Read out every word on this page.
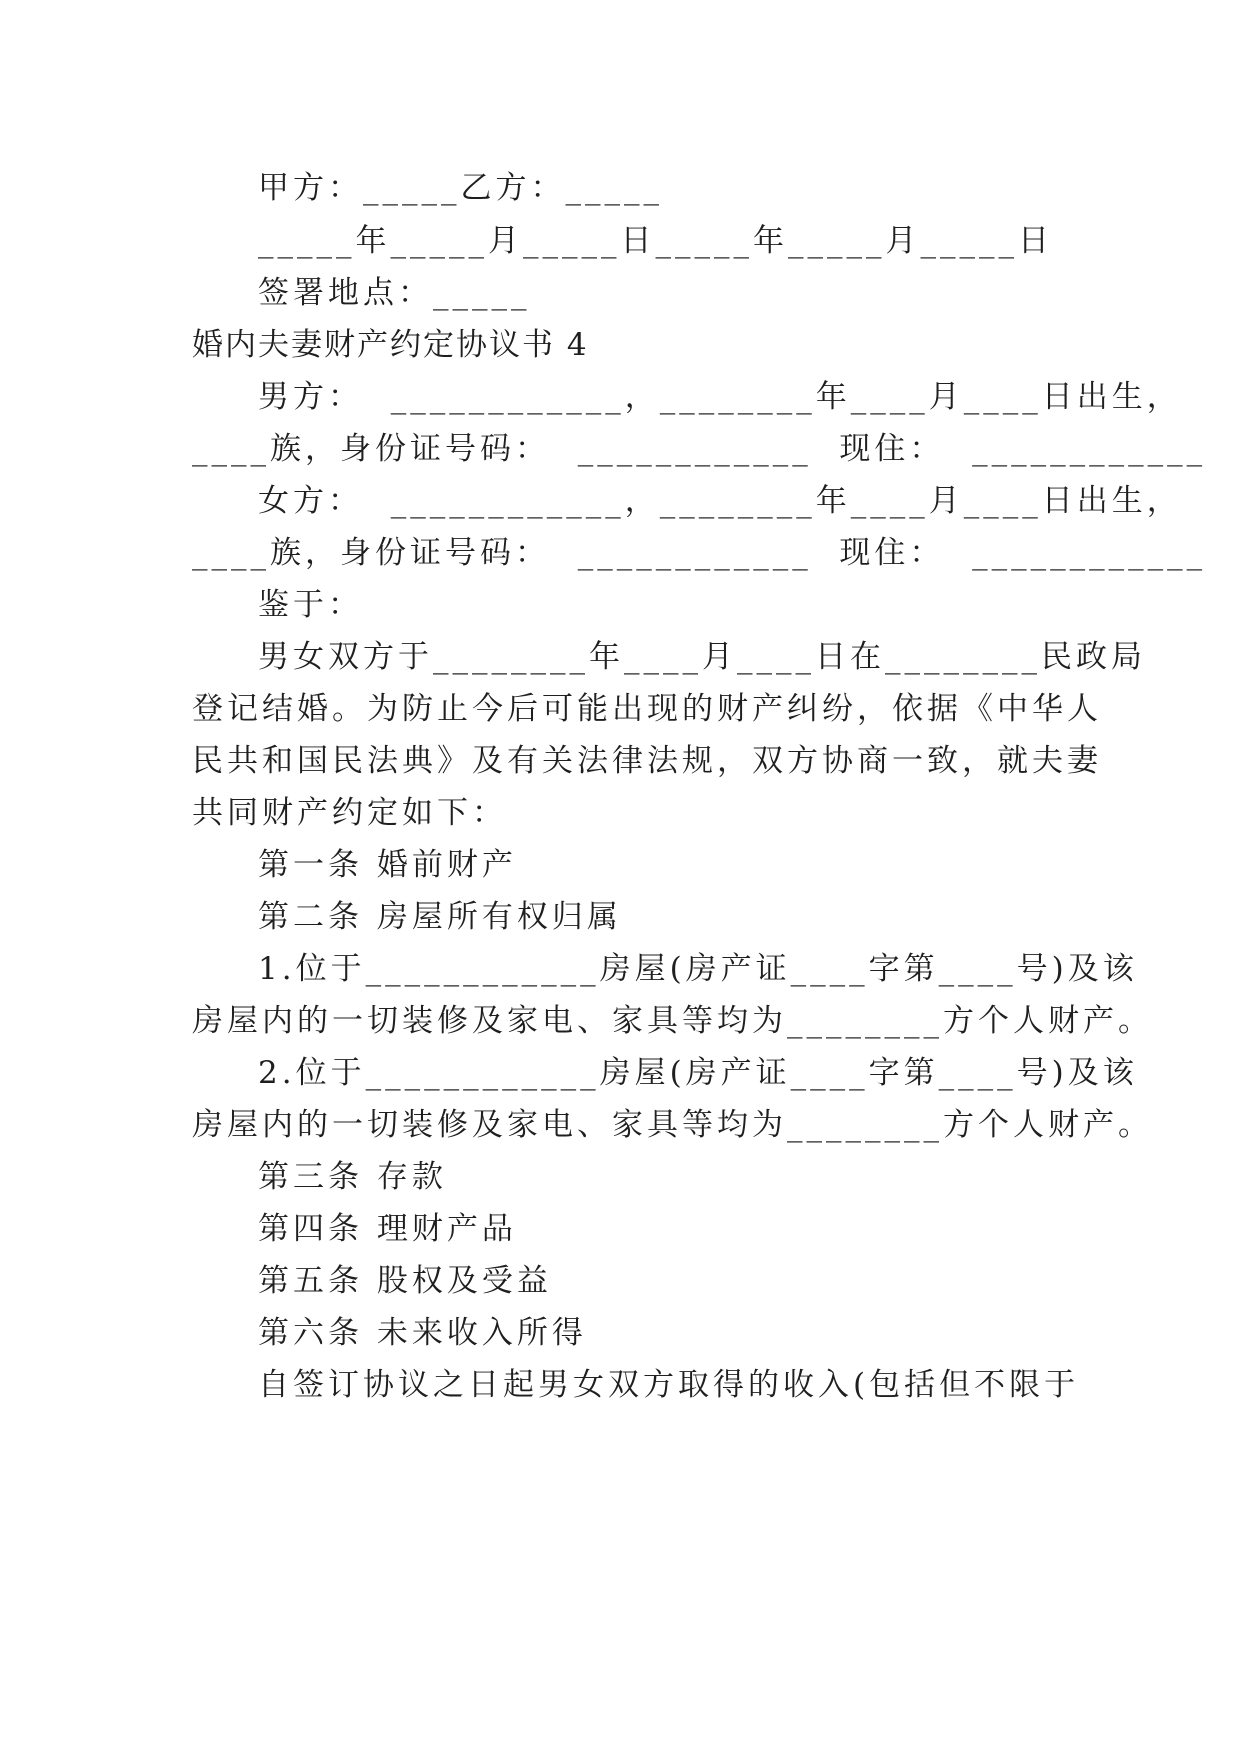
甲方：_____乙方：_____
_____年_____月_____日_____年_____月_____日
签署地点：_____
婚内夫妻财产约定协议书 4
男方：  ____________，________年____月____日出生，
____族，身份证号码：  ____________  现住：  ____________
女方：  ____________，________年____月____日出生，
____族，身份证号码：  ____________  现住：  ____________
鉴于：
男女双方于________年____月____日在________民政局
登记结婚。为防止今后可能出现的财产纠纷，依据《中华人
民共和国民法典》及有关法律法规，双方协商一致，就夫妻
共同财产约定如下：
第一条 婚前财产
第二条 房屋所有权归属
1.位于____________房屋(房产证____字第____号)及该
房屋内的一切装修及家电、家具等均为________方个人财产。
2.位于____________房屋(房产证____字第____号)及该
房屋内的一切装修及家电、家具等均为________方个人财产。
第三条 存款
第四条 理财产品
第五条 股权及受益
第六条 未来收入所得
自签订协议之日起男女双方取得的收入(包括但不限于
